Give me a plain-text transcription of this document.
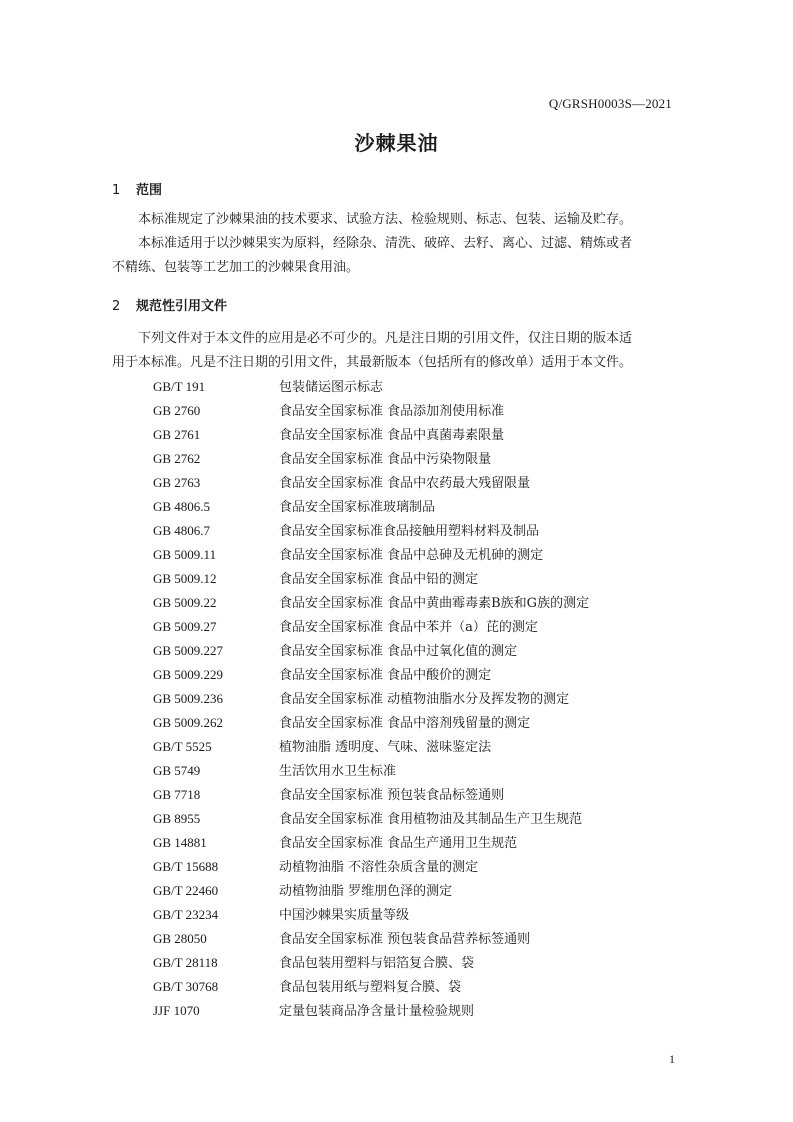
Q/GRSH0003S—2021
沙棘果油
1 范围
本标准规定了沙棘果油的技术要求、试验方法、检验规则、标志、包装、运输及贮存。
本标准适用于以沙棘果实为原料，经除杂、清洗、破碎、去籽、离心、过滤、精炼或者
不精练、包装等工艺加工的沙棘果食用油。
2 规范性引用文件
下列文件对于本文件的应用是必不可少的。凡是注日期的引用文件，仅注日期的版本适
用于本标准。凡是不注日期的引用文件，其最新版本（包括所有的修改单）适用于本文件。
GB/T 191	包装储运图示标志
GB 2760	食品安全国家标准 食品添加剂使用标准
GB 2761	食品安全国家标准 食品中真菌毒素限量
GB 2762	食品安全国家标准 食品中污染物限量
GB 2763	食品安全国家标准 食品中农药最大残留限量
GB 4806.5	食品安全国家标准玻璃制品
GB 4806.7	食品安全国家标准食品接触用塑料材料及制品
GB 5009.11	食品安全国家标准 食品中总砷及无机砷的测定
GB 5009.12	食品安全国家标准 食品中铅的测定
GB 5009.22	食品安全国家标准 食品中黄曲霉毒素B族和G族的测定
GB 5009.27	食品安全国家标准 食品中苯并（a）芘的测定
GB 5009.227	食品安全国家标准 食品中过氧化值的测定
GB 5009.229	食品安全国家标准 食品中酸价的测定
GB 5009.236	食品安全国家标准 动植物油脂水分及挥发物的测定
GB 5009.262	食品安全国家标准 食品中溶剂残留量的测定
GB/T 5525	植物油脂 透明度、气味、滋味鉴定法
GB 5749	生活饮用水卫生标准
GB 7718	食品安全国家标准 预包装食品标签通则
GB 8955	食品安全国家标准 食用植物油及其制品生产卫生规范
GB 14881	食品安全国家标准 食品生产通用卫生规范
GB/T 15688	动植物油脂 不溶性杂质含量的测定
GB/T 22460	动植物油脂 罗维朋色泽的测定
GB/T 23234	中国沙棘果实质量等级
GB 28050	食品安全国家标准 预包装食品营养标签通则
GB/T 28118	食品包装用塑料与铝箔复合膜、袋
GB/T 30768	食品包装用纸与塑料复合膜、袋
JJF 1070	定量包装商品净含量计量检验规则
1
